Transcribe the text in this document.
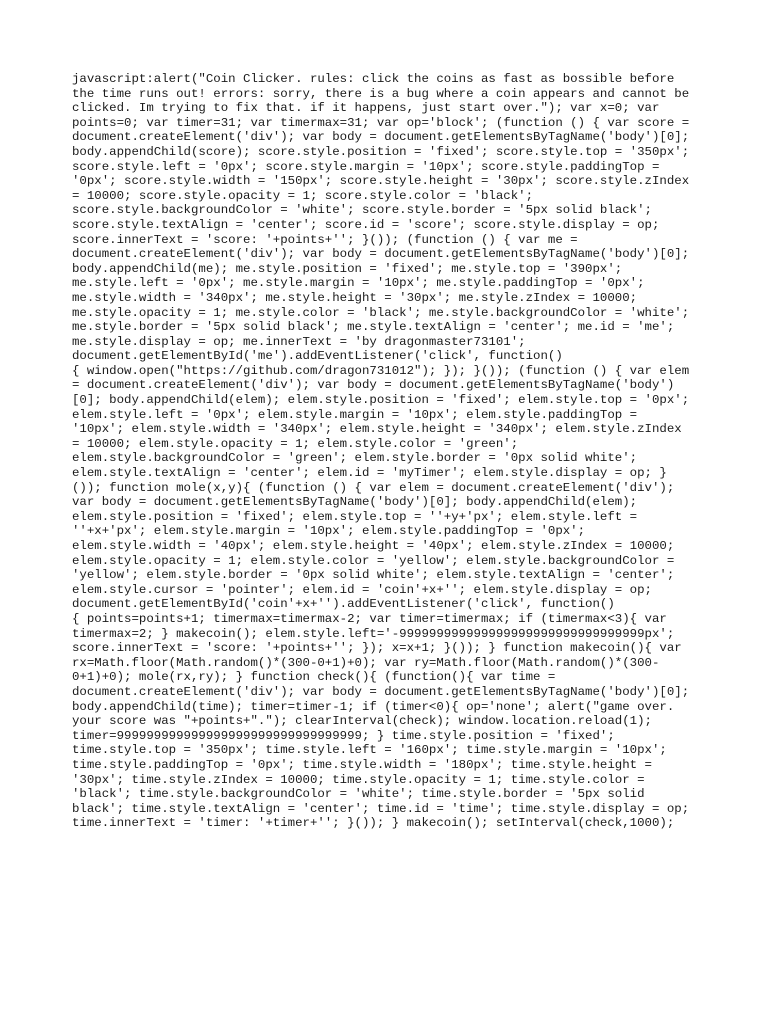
javascript:alert("Coin Clicker. rules: click the coins as fast as bossible before
the time runs out! errors: sorry, there is a bug where a coin appears and cannot be
clicked. Im trying to fix that. if it happens, just start over."); var x=0; var
points=0; var timer=31; var timermax=31; var op='block'; (function () { var score =
document.createElement('div'); var body = document.getElementsByTagName('body')[0];
body.appendChild(score); score.style.position = 'fixed'; score.style.top = '350px';
score.style.left = '0px'; score.style.margin = '10px'; score.style.paddingTop =
'0px'; score.style.width = '150px'; score.style.height = '30px'; score.style.zIndex
= 10000; score.style.opacity = 1; score.style.color = 'black';
score.style.backgroundColor = 'white'; score.style.border = '5px solid black';
score.style.textAlign = 'center'; score.id = 'score'; score.style.display = op;
score.innerText = 'score: '+points+''; }()); (function () { var me =
document.createElement('div'); var body = document.getElementsByTagName('body')[0];
body.appendChild(me); me.style.position = 'fixed'; me.style.top = '390px';
me.style.left = '0px'; me.style.margin = '10px'; me.style.paddingTop = '0px';
me.style.width = '340px'; me.style.height = '30px'; me.style.zIndex = 10000;
me.style.opacity = 1; me.style.color = 'black'; me.style.backgroundColor = 'white';
me.style.border = '5px solid black'; me.style.textAlign = 'center'; me.id = 'me';
me.style.display = op; me.innerText = 'by dragonmaster73101';
document.getElementById('me').addEventListener('click', function()
{ window.open("https://github.com/dragon731012"); }); }()); (function () { var elem
= document.createElement('div'); var body = document.getElementsByTagName('body')
[0]; body.appendChild(elem); elem.style.position = 'fixed'; elem.style.top = '0px';
elem.style.left = '0px'; elem.style.margin = '10px'; elem.style.paddingTop =
'10px'; elem.style.width = '340px'; elem.style.height = '340px'; elem.style.zIndex
= 10000; elem.style.opacity = 1; elem.style.color = 'green';
elem.style.backgroundColor = 'green'; elem.style.border = '0px solid white';
elem.style.textAlign = 'center'; elem.id = 'myTimer'; elem.style.display = op; }
()); function mole(x,y){ (function () { var elem = document.createElement('div');
var body = document.getElementsByTagName('body')[0]; body.appendChild(elem);
elem.style.position = 'fixed'; elem.style.top = ''+y+'px'; elem.style.left =
''+x+'px'; elem.style.margin = '10px'; elem.style.paddingTop = '0px';
elem.style.width = '40px'; elem.style.height = '40px'; elem.style.zIndex = 10000;
elem.style.opacity = 1; elem.style.color = 'yellow'; elem.style.backgroundColor =
'yellow'; elem.style.border = '0px solid white'; elem.style.textAlign = 'center';
elem.style.cursor = 'pointer'; elem.id = 'coin'+x+''; elem.style.display = op;
document.getElementById('coin'+x+'').addEventListener('click', function()
{ points=points+1; timermax=timermax-2; var timer=timermax; if (timermax<3){ var
timermax=2; } makecoin(); elem.style.left='-999999999999999999999999999999999px';
score.innerText = 'score: '+points+''; }); x=x+1; }()); } function makecoin(){ var
rx=Math.floor(Math.random()*(300-0+1)+0); var ry=Math.floor(Math.random()*(300-
0+1)+0); mole(rx,ry); } function check(){ (function(){ var time =
document.createElement('div'); var body = document.getElementsByTagName('body')[0];
body.appendChild(time); timer=timer-1; if (timer<0){ op='none'; alert("game over.
your score was "+points+"."); clearInterval(check); window.location.reload(1);
timer=999999999999999999999999999999999; } time.style.position = 'fixed';
time.style.top = '350px'; time.style.left = '160px'; time.style.margin = '10px';
time.style.paddingTop = '0px'; time.style.width = '180px'; time.style.height =
'30px'; time.style.zIndex = 10000; time.style.opacity = 1; time.style.color =
'black'; time.style.backgroundColor = 'white'; time.style.border = '5px solid
black'; time.style.textAlign = 'center'; time.id = 'time'; time.style.display = op;
time.innerText = 'timer: '+timer+''; }()); } makecoin(); setInterval(check,1000);
